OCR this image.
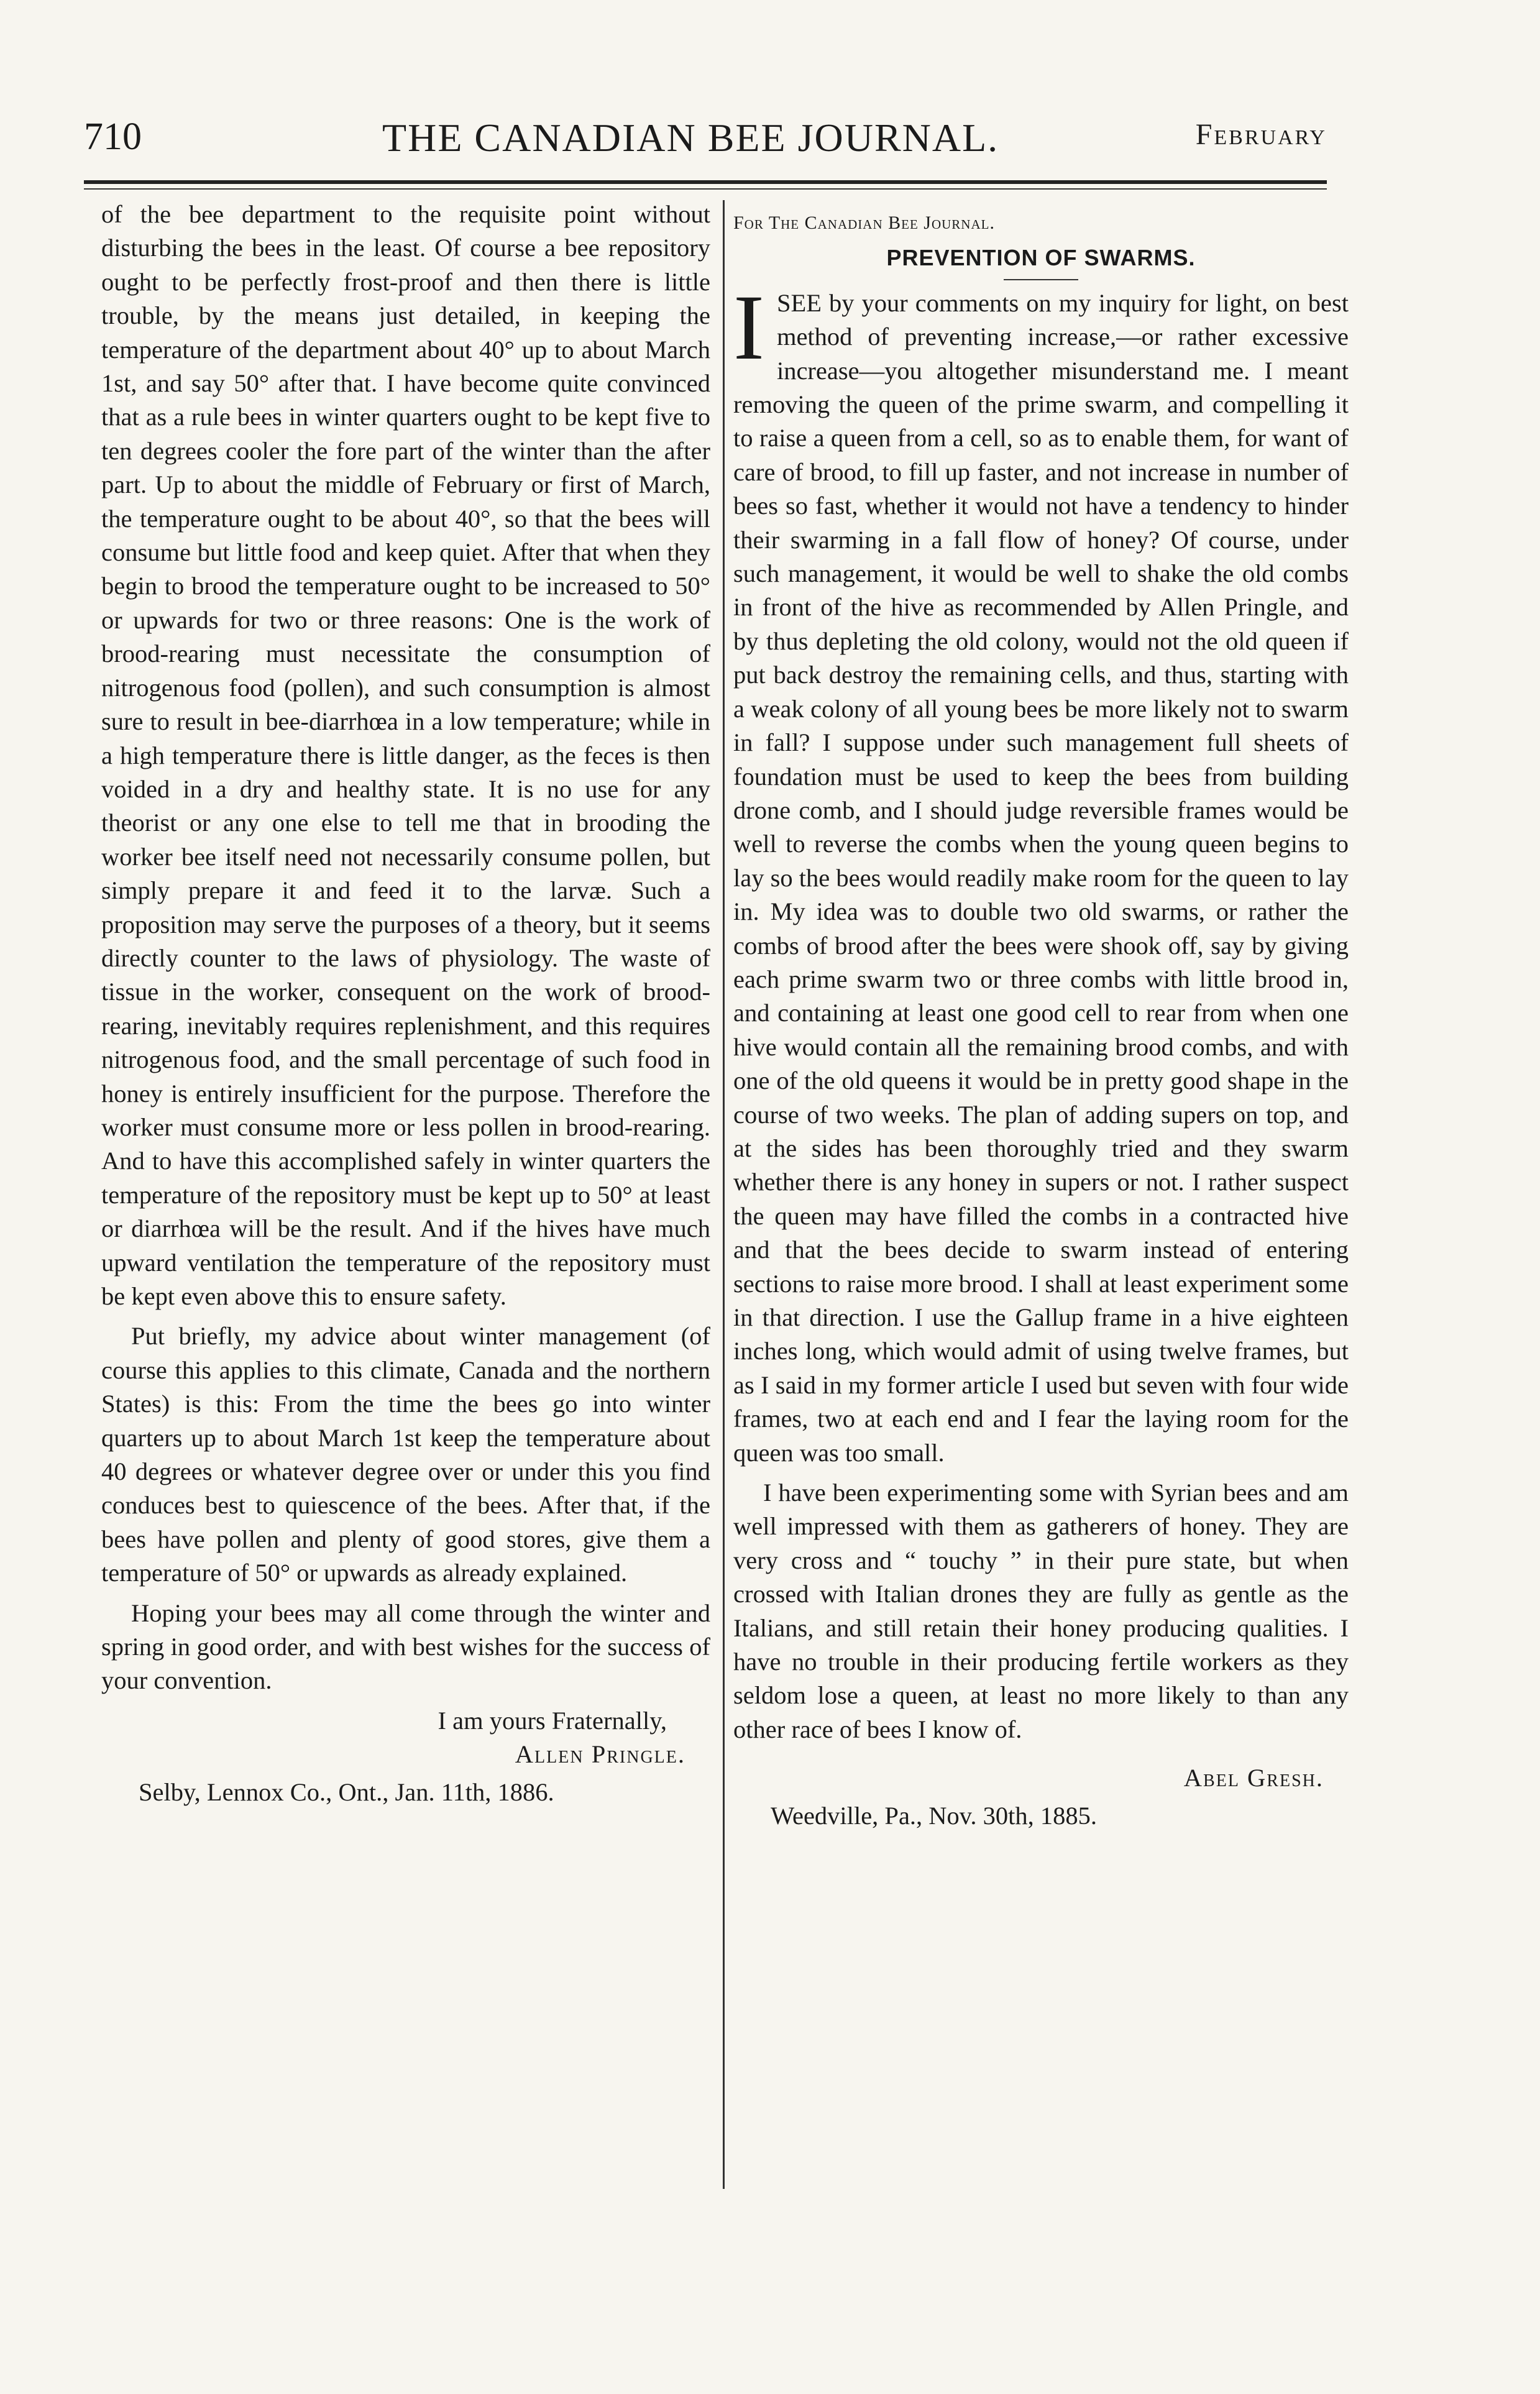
710	THE CANADIAN BEE JOURNAL.	February

of the bee department to the requisite point without disturbing the bees in the least. Of course a bee repository ought to be perfectly frost-proof and then there is little trouble, by the means just detailed, in keeping the temperature of the department about 40° up to about March 1st, and say 50° after that. I have become quite convinced that as a rule bees in winter quarters ought to be kept five to ten degrees cooler the fore part of the winter than the after part. Up to about the middle of February or first of March, the temperature ought to be about 40°, so that the bees will consume but little food and keep quiet. After that when they begin to brood the temperature ought to be increased to 50° or upwards for two or three reasons: One is the work of brood-rearing must necessitate the consumption of nitrogenous food (pollen), and such consumption is almost sure to result in bee-diarrhœa in a low temperature; while in a high temperature there is little danger, as the feces is then voided in a dry and healthy state. It is no use for any theorist or any one else to tell me that in brooding the worker bee itself need not necessarily consume pollen, but simply prepare it and feed it to the larvæ. Such a proposition may serve the purposes of a theory, but it seems directly counter to the laws of physiology. The waste of tissue in the worker, consequent on the work of brood-rearing, inevitably requires replenishment, and this requires nitrogenous food, and the small percentage of such food in honey is entirely insufficient for the purpose. Therefore the worker must consume more or less pollen in brood-rearing. And to have this accomplished safely in winter quarters the temperature of the repository must be kept up to 50° at least or diarrhœa will be the result. And if the hives have much upward ventilation the temperature of the repository must be kept even above this to ensure safety.

Put briefly, my advice about winter management (of course this applies to this climate, Canada and the northern States) is this: From the time the bees go into winter quarters up to about March 1st keep the temperature about 40 degrees or whatever degree over or under this you find conduces best to quiescence of the bees. After that, if the bees have pollen and plenty of good stores, give them a temperature of 50° or upwards as already explained.

Hoping your bees may all come through the winter and spring in good order, and with best wishes for the success of your convention.

I am yours Fraternally,

Allen Pringle.

Selby, Lennox Co., Ont., Jan. 11th, 1886.

For The Canadian Bee Journal.

PREVENTION OF SWARMS.

ISEE by your comments on my inquiry for light, on best method of preventing increase,—or rather excessive increase—you altogether misunderstand me. I meant removing the queen of the prime swarm, and compelling it to raise a queen from a cell, so as to enable them, for want of care of brood, to fill up faster, and not increase in number of bees so fast, whether it would not have a tendency to hinder their swarming in a fall flow of honey? Of course, under such management, it would be well to shake the old combs in front of the hive as recommended by Allen Pringle, and by thus depleting the old colony, would not the old queen if put back destroy the remaining cells, and thus, starting with a weak colony of all young bees be more likely not to swarm in fall? I suppose under such management full sheets of foundation must be used to keep the bees from building drone comb, and I should judge reversible frames would be well to reverse the combs when the young queen begins to lay so the bees would readily make room for the queen to lay in. My idea was to double two old swarms, or rather the combs of brood after the bees were shook off, say by giving each prime swarm two or three combs with little brood in, and containing at least one good cell to rear from when one hive would contain all the remaining brood combs, and with one of the old queens it would be in pretty good shape in the course of two weeks. The plan of adding supers on top, and at the sides has been thoroughly tried and they swarm whether there is any honey in supers or not. I rather suspect the queen may have filled the combs in a contracted hive and that the bees decide to swarm instead of entering sections to raise more brood. I shall at least experiment some in that direction. I use the Gallup frame in a hive eighteen inches long, which would admit of using twelve frames, but as I said in my former article I used but seven with four wide frames, two at each end and I fear the laying room for the queen was too small.

I have been experimenting some with Syrian bees and am well impressed with them as gatherers of honey. They are very cross and “ touchy ” in their pure state, but when crossed with Italian drones they are fully as gentle as the Italians, and still retain their honey producing qualities. I have no trouble in their producing fertile workers as they seldom lose a queen, at least no more likely to than any other race of bees I know of.

Abel Gresh.

Weedville, Pa., Nov. 30th, 1885.
